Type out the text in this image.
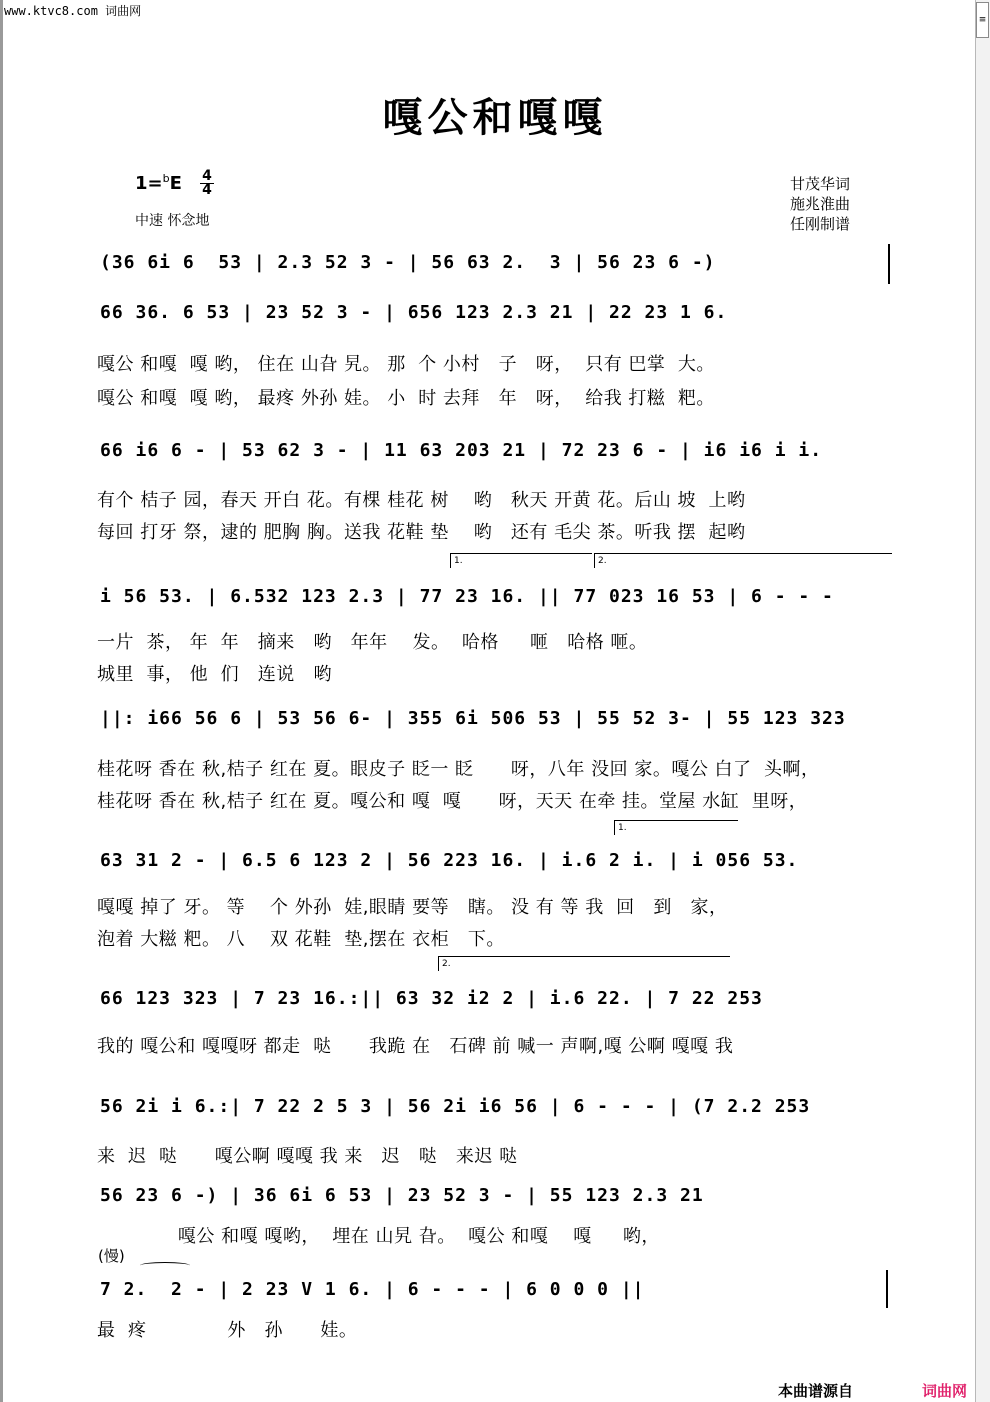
≡
www.ktvc8.com 词曲网
嘎公和嘎嘎
1=$^b$E 4
4
中速 怀念地
甘茂华词
施兆淮曲
任刚制谱
(36 6i 6  53 | 2.3 52 3 - | 56 63 2.  3 | 56 23 6 -)
66 36. 6 53 | 23 52 3 - | 656 123 2.3 21 | 22 23 1 6.
嘎公 和嘎  嘎 哟， 住在 山旮 旯。 那  个 小村   子   呀，  只有 巴掌  大。
嘎公 和嘎  嘎 哟， 最疼 外孙 娃。 小  时 去拜   年   呀，  给我 打糍  粑。
66 i6 6 - | 53 62 3 - | 11 63 203 21 | 72 23 6 - | i6 i6 i i.
有个 桔子 园，春天 开白 花。有棵 桂花 树    哟   秋天 开黄 花。后山 坡  上哟
每回 打牙 祭，逮的 肥胸 胸。送我 花鞋 垫    哟   还有 毛尖 茶。听我 摆  起哟
1.	2.
i 56 53. | 6.532 123 2.3 | 77 23 16. || 77 023 16 53 | 6 - - -
一片  茶， 年  年   摘来   哟   年年    发。  哈格     咂   哈格 咂。
城里  事， 他  们   连说   哟
||: i66 56 6 | 53 56 6- | 355 6i 506 53 | 55 52 3- | 55 123 323
桂花呀 香在 秋,桔子 红在 夏。眼皮子 眨一 眨      呀，八年 没回 家。嘎公 白了  头啊，
桂花呀 香在 秋,桔子 红在 夏。嘎公和 嘎  嘎      呀，天天 在牵 挂。堂屋 水缸  里呀，
1.
63 31 2 - | 6.5 6 123 2 | 56 223 16. | i.6 2 i. | i 056 53.
嘎嘎 掉了 牙。 等    个 外孙  娃,眼睛 要等   瞎。 没 有 等 我  回   到   家，
泡着 大糍 粑。 八    双 花鞋  垫,摆在 衣柜   下。
2.
66 123 323 | 7 23 16.:|| 63 32 i2 2 | i.6 22. | 7 22 253
我的 嘎公和 嘎嘎呀 都走  哒      我跪 在   石碑 前 喊一 声啊,嘎 公啊 嘎嘎 我
56 2i i 6.:| 7 22 2 5 3 | 56 2i i6 56 | 6 - - - | (7 2.2 253
来  迟  哒      嘎公啊 嘎嘎 我 来   迟   哒   来迟 哒
56 23 6 -) | 36 6i 6 53 | 23 52 3 - | 55 123 2.3 21
嘎公 和嘎 嘎哟，  埋在 山旯 旮。  嘎公 和嘎    嘎     哟，
(慢)
7 2.  2 - | 2 23 V 1 6. | 6 - - - | 6 0 0 0 ||
最  疼             外   孙      娃。
本曲谱源自	词曲网
